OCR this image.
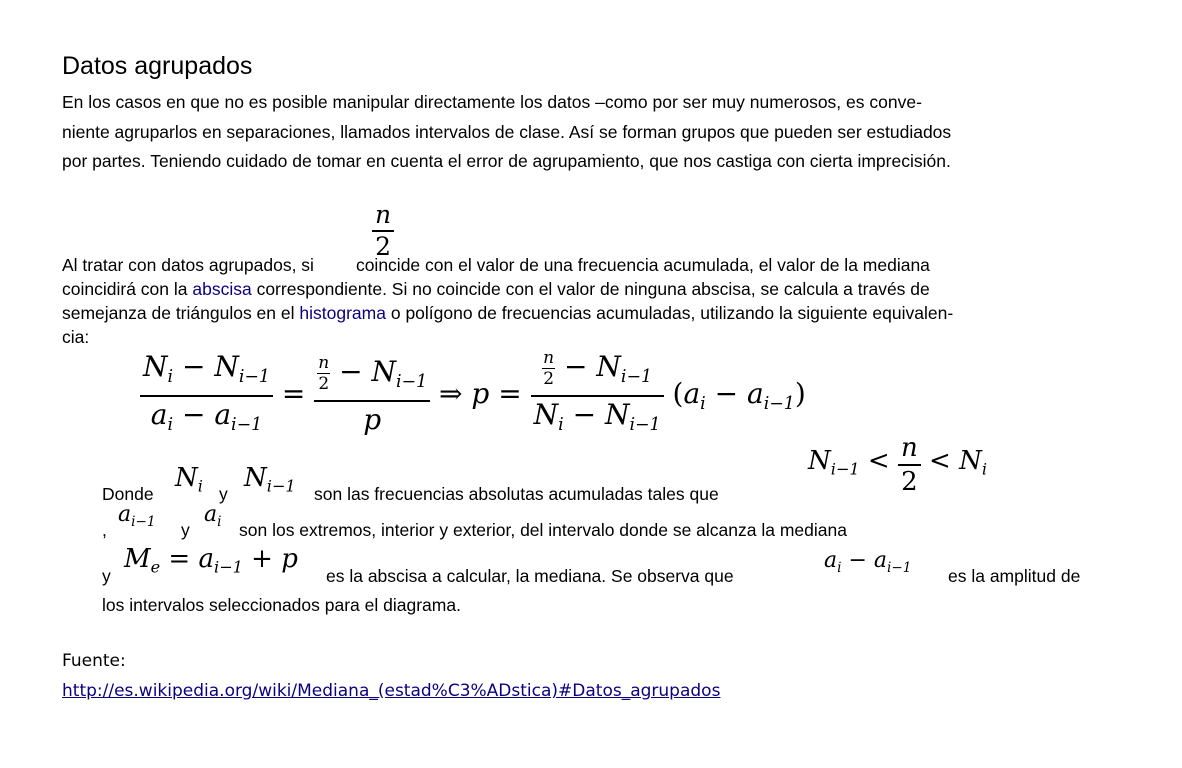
Datos agrupados
En los casos en que no es posible manipular directamente los datos –como por ser muy numerosos, es conve-
niente agruparlos en separaciones, llamados intervalos de clase. Así se forman grupos que pueden ser estudiados
por partes. Teniendo cuidado de tomar en cuenta el error de agrupamiento, que nos castiga con cierta imprecisión.
$\frac{n}{2}$
Al tratar con datos agrupados, si coincide con el valor de una frecuencia acumulada, el valor de la mediana
coincidirá con la abscisa correspondiente. Si no coincide con el valor de ninguna abscisa, se calcula a través de
semejanza de triángulos en el histograma o polígono de frecuencias acumuladas, utilizando la siguiente equivalen-
cia:
$\frac{N_i - N_{i-1}}{a_i - a_{i-1}} = \frac{\frac{n}{2} - N_{i-1}}{p}$ ⇒ $p = \frac{\frac{n}{2} - N_{i-1}}{N_i - N_{i-1}} (a_i - a_{i-1})$
Donde
$N_i$ y
$N_{i-1}$ son las frecuencias absolutas acumuladas tales que
$N_{i-1} < \frac{n}{2} < N_i$
,
$a_{i-1}$ y
$a_i$ son los extremos, interior y exterior, del intervalo donde se alcanza la mediana
y
$M_e = a_{i-1} + p$
es la abscisa a calcular, la mediana. Se observa que
$a_i - a_{i-1}$ es la amplitud de
los intervalos seleccionados para el diagrama.
Fuente:
http://es.wikipedia.org/wiki/Mediana_(estad%C3%ADstica)#Datos_agrupados
